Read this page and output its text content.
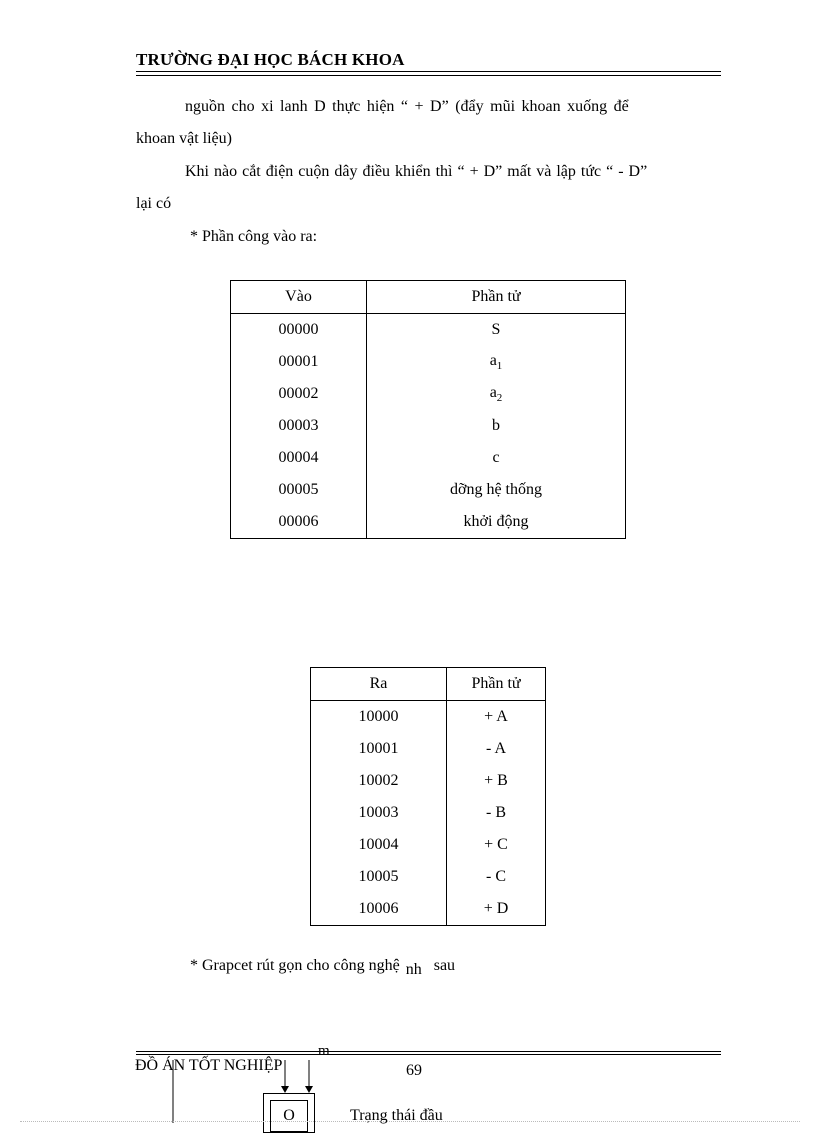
TRƯỜNG ĐẠI HỌC BÁCH KHOA
nguồn cho xi lanh D thực hiện “ + D” (đẩy mũi khoan xuống để
khoan vật liệu)
Khi nào cắt điện cuộn dây điều khiển thì “ + D” mất và lập tức “ - D”
lại có
* Phần công vào ra:
Vào	Phần tử
00000	S
00001	$a_1$
00002	$a_2$
00003	b
00004	c
00005	dỡng hệ thống
00006	khởi động
Ra	Phần tử
10000	+ A
10001	- A
10002	+ B
10003	- B
10004	+ C
10005	- C
10006	+ D
* Grapcet rút gọn cho công nghệ nh sau
ĐỒ ÁN TỐT NGHIỆP
m
69
O	Trạng thái đầu
